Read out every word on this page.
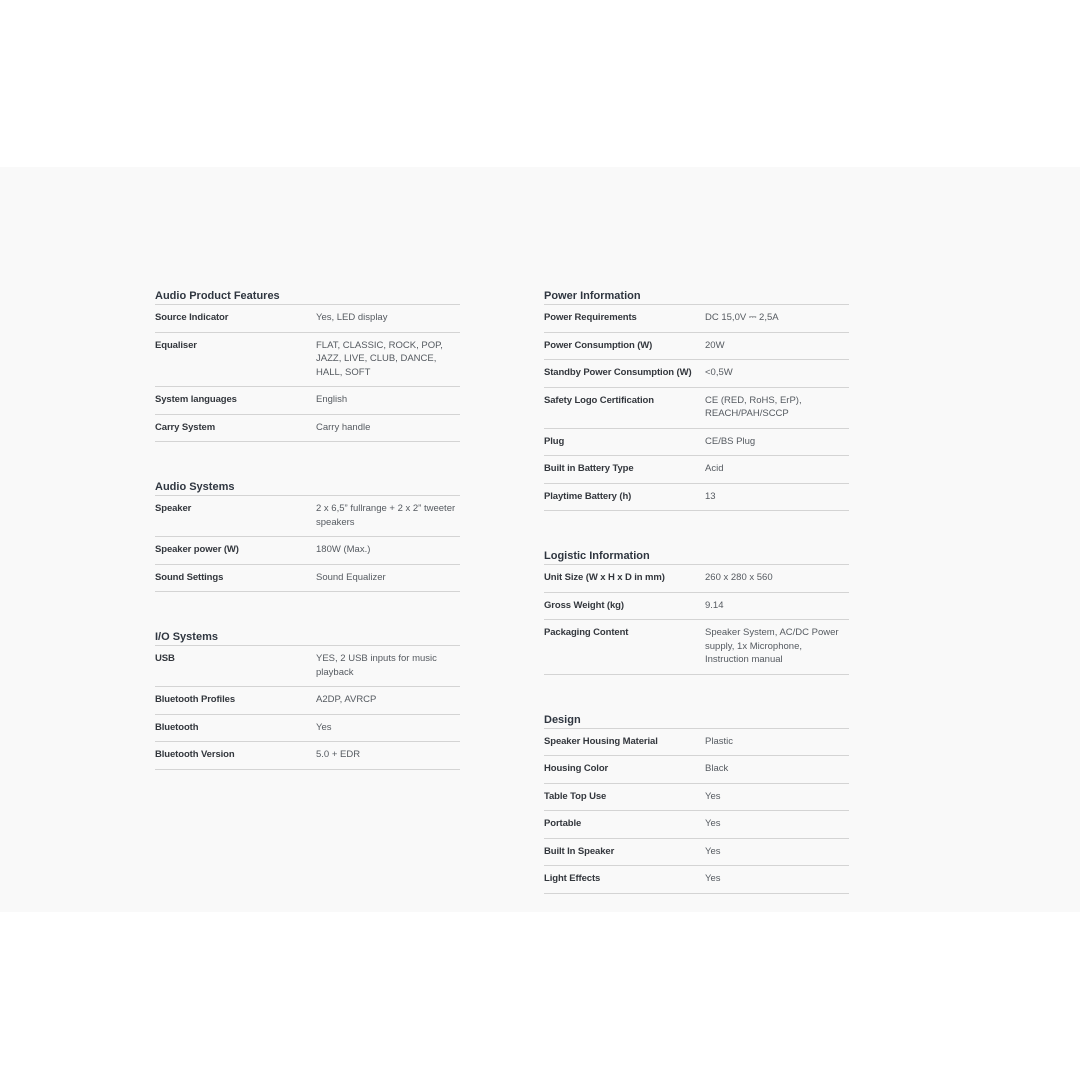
Audio Product Features
Source Indicator	Yes, LED display
Equaliser	FLAT, CLASSIC, ROCK, POP, JAZZ, LIVE, CLUB, DANCE, HALL, SOFT
System languages	English
Carry System	Carry handle
Audio Systems
Speaker	2 x 6,5” fullrange + 2 x 2” tweeter speakers
Speaker power (W)	180W (Max.)
Sound Settings	Sound Equalizer
I/O Systems
USB	YES, 2 USB inputs for music playback
Bluetooth Profiles	A2DP, AVRCP
Bluetooth	Yes
Bluetooth Version	5.0 + EDR
Power Information
Power Requirements	DC 15,0V ⎓ 2,5A
Power Consumption (W)	20W
Standby Power Consumption (W)	<0,5W
Safety Logo Certification	CE (RED, RoHS, ErP), REACH/PAH/SCCP
Plug	CE/BS Plug
Built in Battery Type	Acid
Playtime Battery (h)	13
Logistic Information
Unit Size (W x H x D in mm)	260 x 280 x 560
Gross Weight (kg)	9.14
Packaging Content	Speaker System, AC/DC Power supply, 1x Microphone, Instruction manual
Design
Speaker Housing Material	Plastic
Housing Color	Black
Table Top Use	Yes
Portable	Yes
Built In Speaker	Yes
Light Effects	Yes
